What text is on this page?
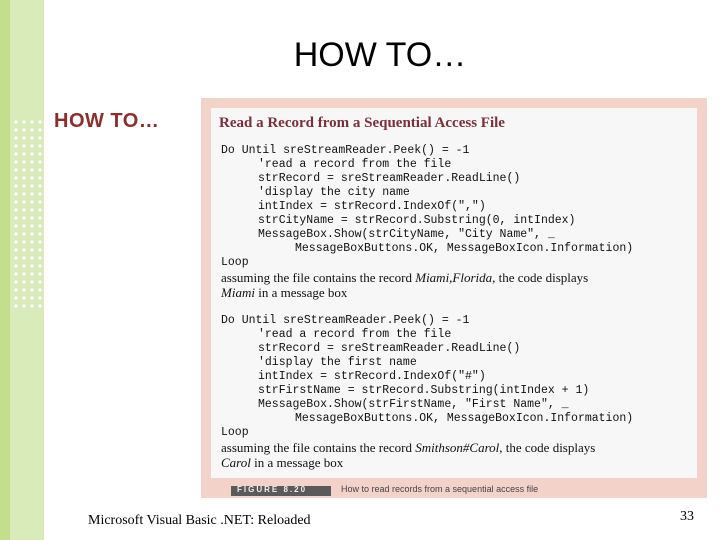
HOW TO…
HOW TO…	Read a Record from a Sequential Access File
Do Until sreStreamReader.Peek() = -1
'read a record from the file
strRecord = sreStreamReader.ReadLine()
'display the city name
intIndex = strRecord.IndexOf(",")
strCityName = strRecord.Substring(0, intIndex)
MessageBox.Show(strCityName, "City Name", _
MessageBoxButtons.OK, MessageBoxIcon.Information)
Loop
assuming the file contains the record Miami,Florida, the code displays
Miami in a message box
Do Until sreStreamReader.Peek() = -1
'read a record from the file
strRecord = sreStreamReader.ReadLine()
'display the first name
intIndex = strRecord.IndexOf("#")
strFirstName = strRecord.Substring(intIndex + 1)
MessageBox.Show(strFirstName, "First Name", _
MessageBoxButtons.OK, MessageBoxIcon.Information)
Loop
assuming the file contains the record Smithson#Carol, the code displays
Carol in a message box
FIGURE 8.20	How to read records from a sequential access file
Microsoft Visual Basic .NET: Reloaded	33
